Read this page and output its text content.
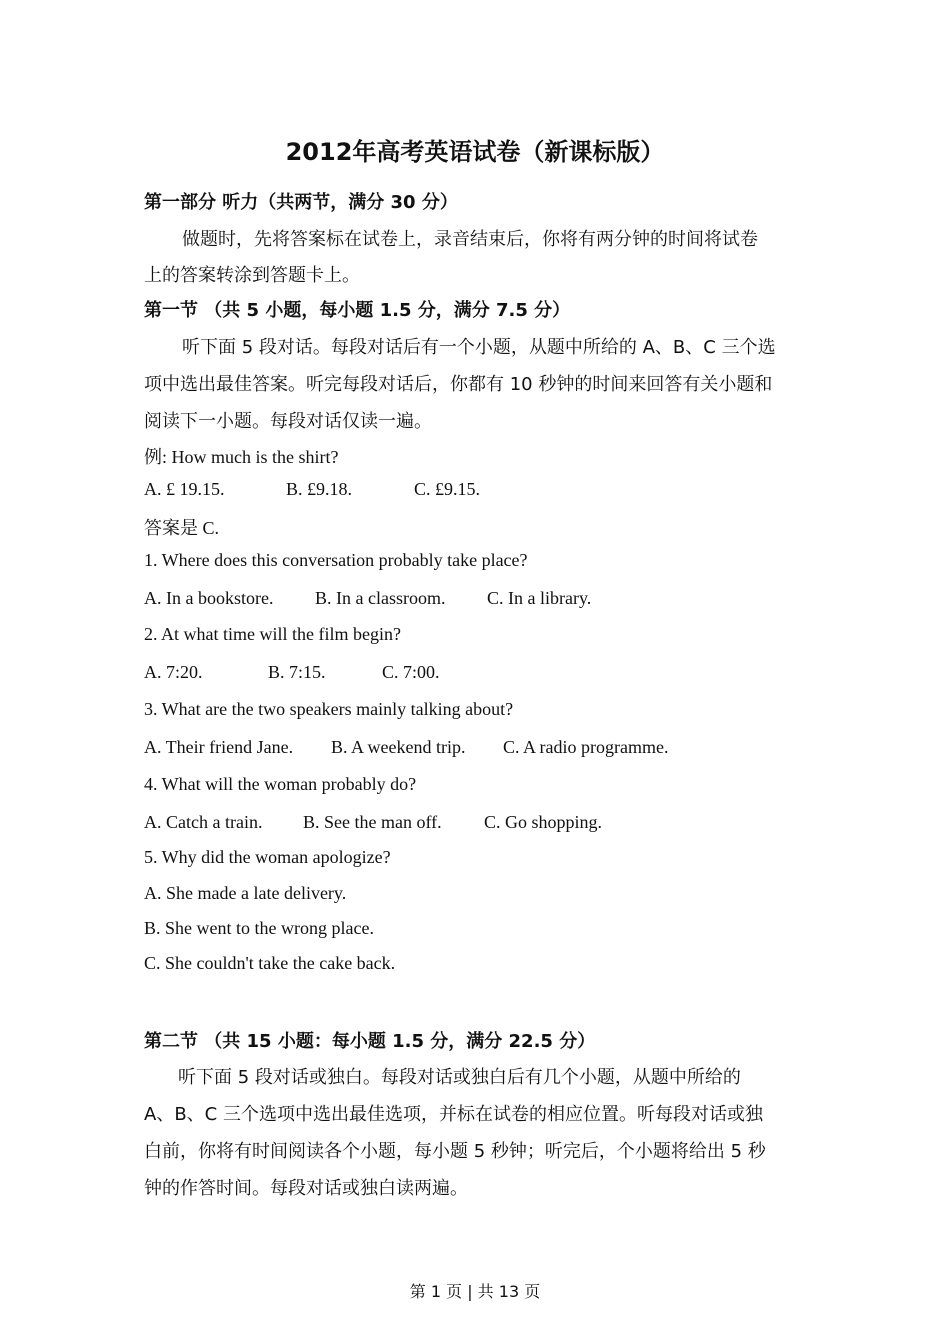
2012年高考英语试卷（新课标版）
第一部分 听力（共两节，满分 30 分）
做题时，先将答案标在试卷上，录音结束后，你将有两分钟的时间将试卷
上的答案转涂到答题卡上。
第一节 （共 5 小题，每小题 1.5 分，满分 7.5 分）
听下面 5 段对话。每段对话后有一个小题，从题中所给的 A、B、C 三个选
项中选出最佳答案。听完每段对话后，你都有 10 秒钟的时间来回答有关小题和
阅读下一小题。每段对话仅读一遍。
例: How much is the shirt?
A. £ 19.15.	B. £9.18.	C. £9.15.
答案是 C.
1. Where does this conversation probably take place?
A. In a bookstore. B. In a classroom. C. In a library.
2. At what time will the film begin?
A. 7:20.	B. 7:15.	C. 7:00.
3. What are the two speakers mainly talking about?
A. Their friend Jane. B. A weekend trip. C. A radio programme.
4. What will the woman probably do?
A. Catch a train. B. See the man off. C. Go shopping.
5. Why did the woman apologize?
A. She made a late delivery.
B. She went to the wrong place.
C. She couldn't take the cake back.
第二节 （共 15 小题：每小题 1.5 分，满分 22.5 分）
听下面 5 段对话或独白。每段对话或独白后有几个小题，从题中所给的
A、B、C 三个选项中选出最佳选项，并标在试卷的相应位置。听每段对话或独
白前，你将有时间阅读各个小题，每小题 5 秒钟；听完后，个小题将给出 5 秒
钟的作答时间。每段对话或独白读两遍。
第 1 页 | 共 13 页
